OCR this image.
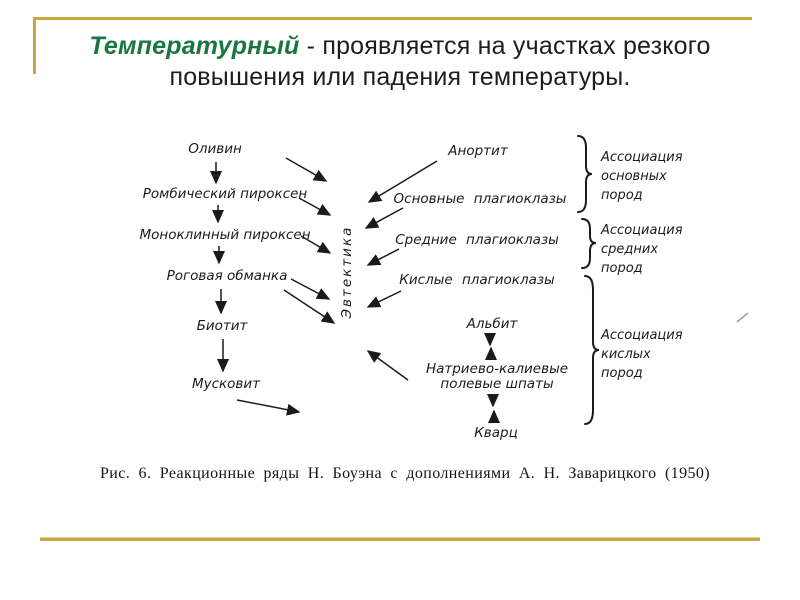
Температурный - проявляется на участках резкого
повышения или падения температуры.
Оливин
Ромбический пироксен
Моноклинный пироксен
Роговая обманка
Биотит
Мусковит
Эвтектика
Анортит
Основные плагиоклазы
Средние плагиоклазы
Кислые плагиоклазы
Альбит
Натриево-калиевые
полевые шпаты
Кварц
Ассоциация
основных
пород
Ассоциация
средних
пород
Ассоциация
кислых
пород
Рис. 6. Реакционные ряды Н. Боуэна с дополнениями А. Н. Заварицкого (1950)
